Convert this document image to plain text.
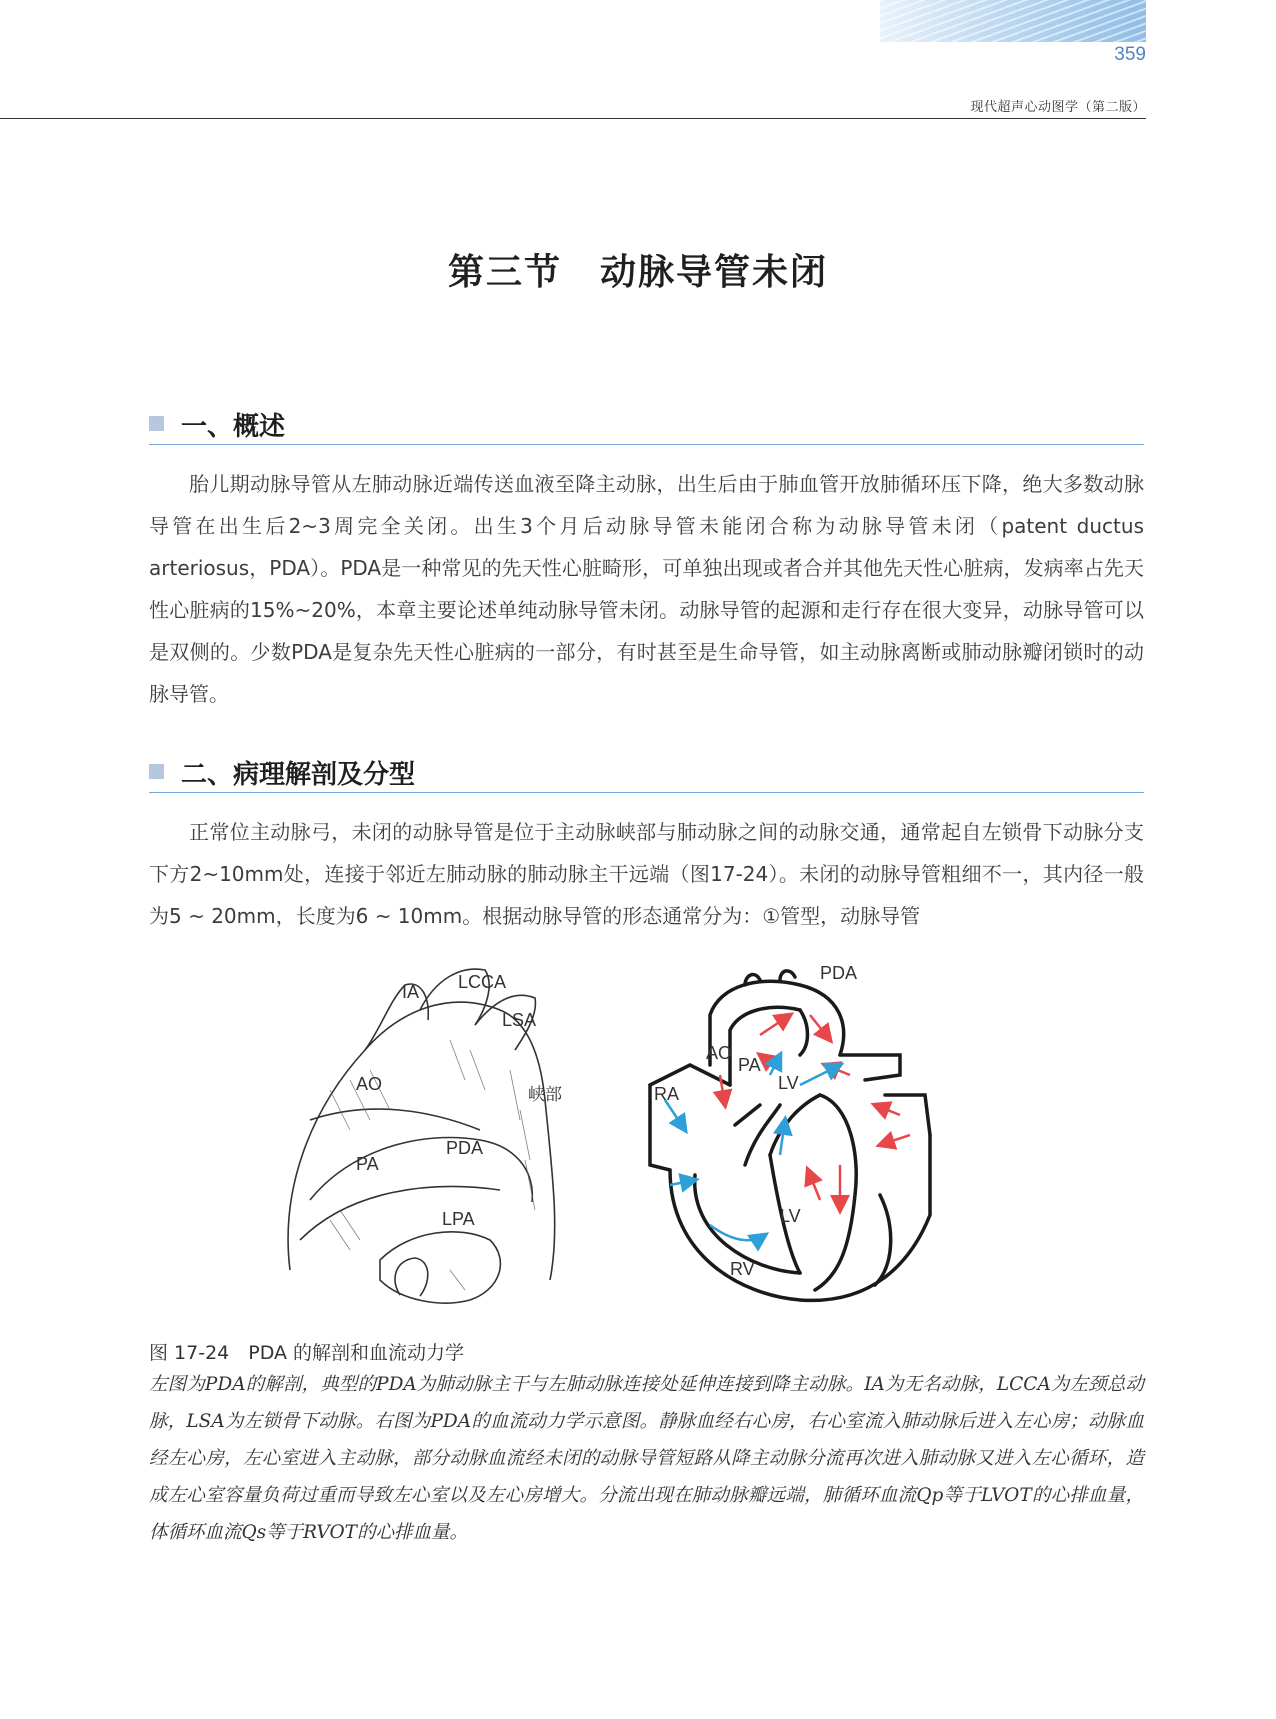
359
现代超声心动图学（第二版）
第三节　动脉导管未闭
一、概述

胎儿期动脉导管从左肺动脉近端传送血液至降主动脉，出生后由于肺血管开放肺循环压下降，绝大多数动脉导管在出生后2~3周完全关闭。出生3个月后动脉导管未能闭合称为动脉导管未闭（patent ductus arteriosus，PDA）。PDA是一种常见的先天性心脏畸形，可单独出现或者合并其他先天性心脏病，发病率占先天性心脏病的15%~20%，本章主要论述单纯动脉导管未闭。动脉导管的起源和走行存在很大变异，动脉导管可以是双侧的。少数PDA是复杂先天性心脏病的一部分，有时甚至是生命导管，如主动脉离断或肺动脉瓣闭锁时的动脉导管。

二、病理解剖及分型

正常位主动脉弓，未闭的动脉导管是位于主动脉峡部与肺动脉之间的动脉交通，通常起自左锁骨下动脉分支下方2~10mm处，连接于邻近左肺动脉的肺动脉主干远端（图17-24）。未闭的动脉导管粗细不一，其内径一般为5 ~ 20mm，长度为6 ~ 10mm。根据动脉导管的形态通常分为：①管型，动脉导管

IA LCCA
LSA
AO
峡部
PDA
PA
LPA
PDA
AO
PA
RA
LV
LV
RV
图 17-24　PDA 的解剖和血流动力学

左图为PDA的解剖，典型的PDA为肺动脉主干与左肺动脉连接处延伸连接到降主动脉。IA为无名动脉，LCCA为左颈总动脉，LSA为左锁骨下动脉。右图为PDA的血流动力学示意图。静脉血经右心房，右心室流入肺动脉后进入左心房；动脉血经左心房，左心室进入主动脉，部分动脉血流经未闭的动脉导管短路从降主动脉分流再次进入肺动脉又进入左心循环，造成左心室容量负荷过重而导致左心室以及左心房增大。分流出现在肺动脉瓣远端，肺循环血流Qp等于LVOT的心排血量，体循环血流Qs等于RVOT的心排血量。
